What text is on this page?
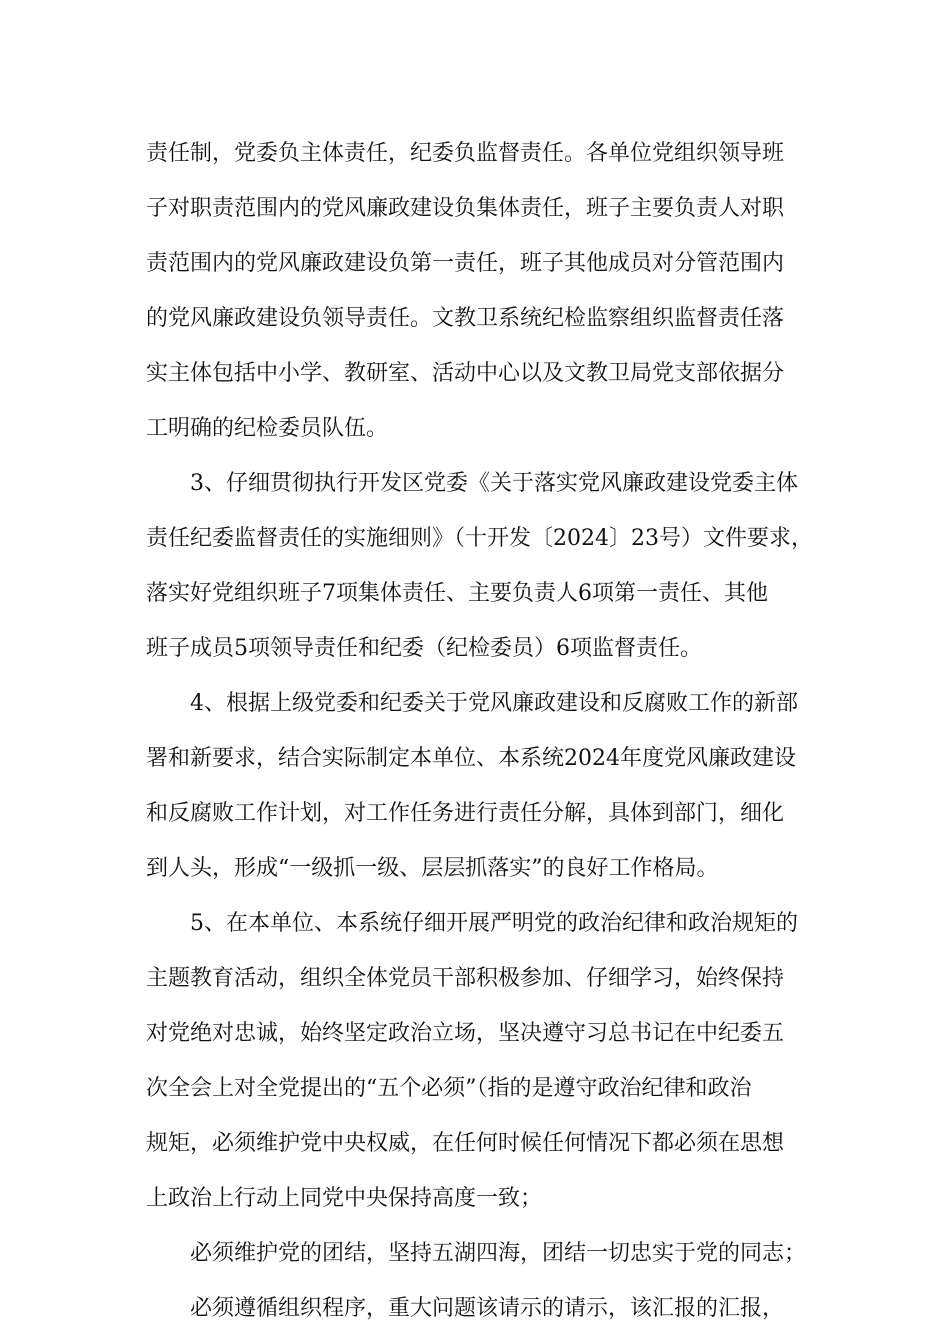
责任制，党委负主体责任，纪委负监督责任。各单位党组织领导班
子对职责范围内的党风廉政建设负集体责任，班子主要负责人对职
责范围内的党风廉政建设负第一责任，班子其他成员对分管范围内
的党风廉政建设负领导责任。文教卫系统纪检监察组织监督责任落
实主体包括中小学、教研室、活动中心以及文教卫局党支部依据分
工明确的纪检委员队伍。
3、仔细贯彻执行开发区党委《关于落实党风廉政建设党委主体
责任纪委监督责任的实施细则》（十开发〔2024〕23号）文件要求，
落实好党组织班子7项集体责任、主要负责人6项第一责任、其他
班子成员5项领导责任和纪委（纪检委员）6项监督责任。
4、根据上级党委和纪委关于党风廉政建设和反腐败工作的新部
署和新要求，结合实际制定本单位、本系统2024年度党风廉政建设
和反腐败工作计划，对工作任务进行责任分解，具体到部门，细化
到人头，形成“一级抓一级、层层抓落实”的良好工作格局。
5、在本单位、本系统仔细开展严明党的政治纪律和政治规矩的
主题教育活动，组织全体党员干部积极参加、仔细学习，始终保持
对党绝对忠诚，始终坚定政治立场，坚决遵守习总书记在中纪委五
次全会上对全党提出的“五个必须”（指的是遵守政治纪律和政治
规矩，必须维护党中央权威，在任何时候任何情况下都必须在思想
上政治上行动上同党中央保持高度一致；
必须维护党的团结，坚持五湖四海，团结一切忠实于党的同志；
必须遵循组织程序，重大问题该请示的请示，该汇报的汇报，
